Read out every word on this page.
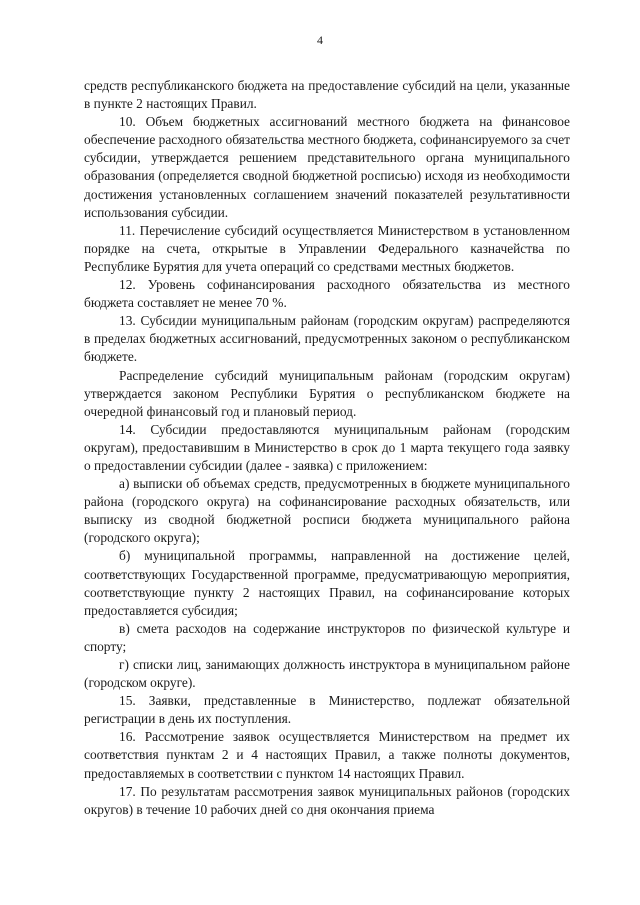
4

средств республиканского бюджета на предоставление субсидий на цели, указанные в пункте 2 настоящих Правил.

10. Объем бюджетных ассигнований местного бюджета на финансовое обеспечение расходного обязательства местного бюджета, софинансируемого за счет субсидии, утверждается решением представительного органа муниципального образования (определяется сводной бюджетной росписью) исходя из необходимости достижения установленных соглашением значений показателей результативности использования субсидии.

11. Перечисление субсидий осуществляется Министерством в установленном порядке на счета, открытые в Управлении Федерального казначейства по Республике Бурятия для учета операций со средствами местных бюджетов.

12. Уровень софинансирования расходного обязательства из местного бюджета составляет не менее 70 %.

13. Субсидии муниципальным районам (городским округам) распределяются в пределах бюджетных ассигнований, предусмотренных законом о республиканском бюджете.

Распределение субсидий муниципальным районам (городским округам) утверждается законом Республики Бурятия о республиканском бюджете на очередной финансовый год и плановый период.

14. Субсидии предоставляются муниципальным районам (городским округам), предоставившим в Министерство в срок до 1 марта текущего года заявку о предоставлении субсидии (далее - заявка) с приложением:

а) выписки об объемах средств, предусмотренных в бюджете муниципального района (городского округа) на софинансирование расходных обязательств, или выписку из сводной бюджетной росписи бюджета муниципального района (городского округа);

б) муниципальной программы, направленной на достижение целей, соответствующих Государственной программе, предусматривающую мероприятия, соответствующие пункту 2 настоящих Правил, на софинансирование которых предоставляется субсидия;

в) смета расходов на содержание инструкторов по физической культуре и спорту;

г) списки лиц, занимающих должность инструктора в муниципальном районе (городском округе).

15. Заявки, представленные в Министерство, подлежат обязательной регистрации в день их поступления.

16. Рассмотрение заявок осуществляется Министерством на предмет их соответствия пунктам 2 и 4 настоящих Правил, а также полноты документов, предоставляемых в соответствии с пунктом 14 настоящих Правил.

17. По результатам рассмотрения заявок муниципальных районов (городских округов) в течение 10 рабочих дней со дня окончания приема
